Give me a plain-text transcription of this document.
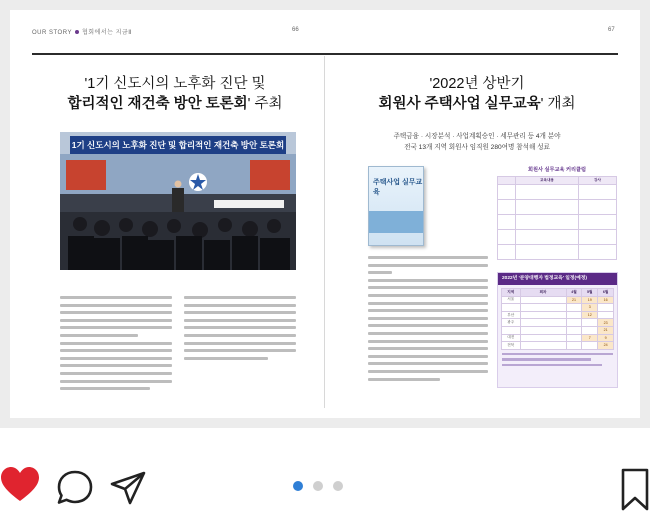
OUR STORY 협회에서는 지금Ⅱ	66	67
'1기 신도시의 노후화 진단 및
합리적인 재건축 방안 토론회' 주최
1기 신도시의 노후화 진단 및 합리적인 재건축 방안 토론회
'2022년 상반기
회원사 주택사업 실무교육' 개최
주택금융 · 시장분석 · 사업계획승인 · 세무관리 등 4개 분야
전국 13개 지역 회원사 임직원 280여명 참석해 성료
주택사업 실무교육
회원사 실무교육 커리큘럼
	교육내용	강사

2022년 '분양대행자 법정교육' 일정(예정)
지역	회차	4월	5월	6월
서울		21	19	16
			3	
부산			12	
광주				23
				21
대전			7	9
전북				24
